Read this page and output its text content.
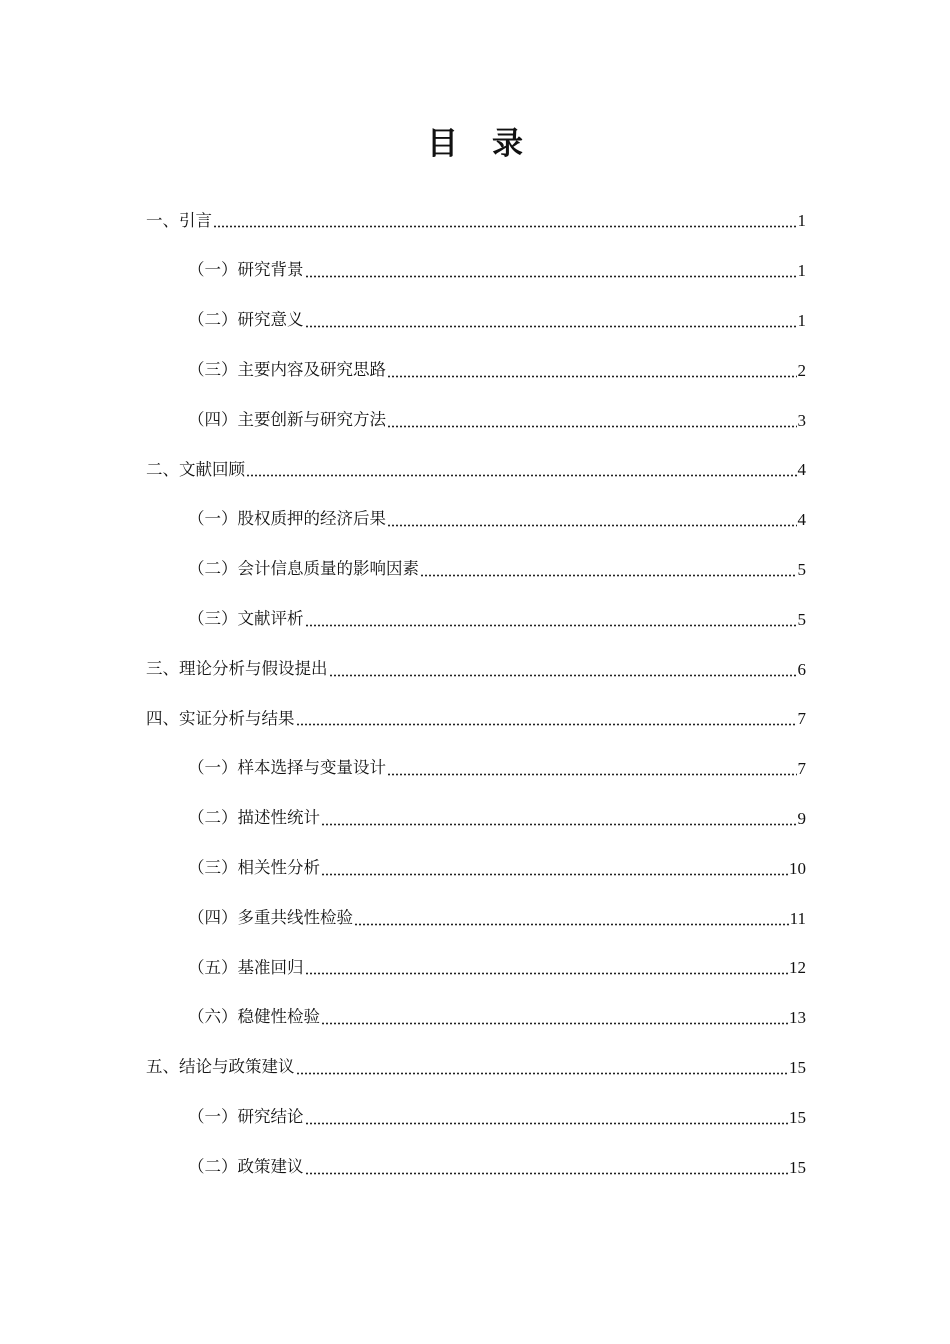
目 录
一、引言	1
（一）研究背景	1
（二）研究意义	1
（三）主要内容及研究思路	2
（四）主要创新与研究方法	3
二、文献回顾	4
（一）股权质押的经济后果	4
（二）会计信息质量的影响因素	5
（三）文献评析	5
三、理论分析与假设提出	6
四、实证分析与结果	7
（一）样本选择与变量设计	7
（二）描述性统计	9
（三）相关性分析	10
（四）多重共线性检验	11
（五）基准回归	12
（六）稳健性检验	13
五、结论与政策建议	15
（一）研究结论	15
（二）政策建议	15
